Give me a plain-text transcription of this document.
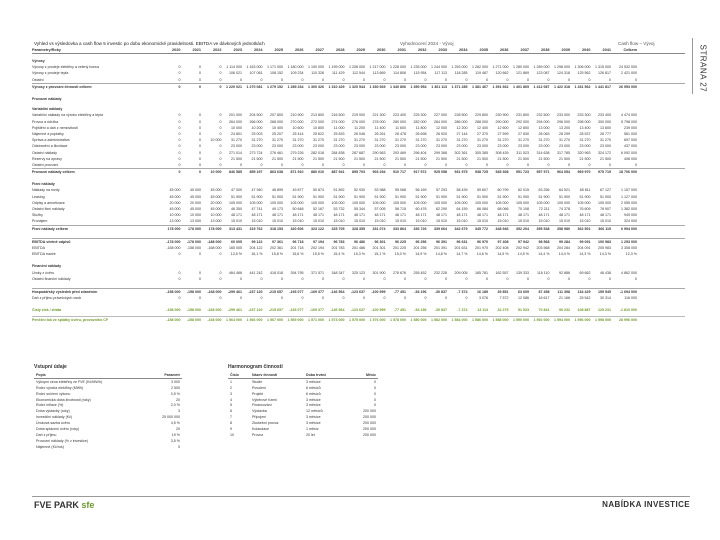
Vyhled vs výsledovka a cash flow 5 investic po dobu ekonomické pravidelnosti. EBITDA ve dávkových jednotkách	Vyhodnocení 2024 - Vývoj	Cash flow – Vývoj
STRANA 27
Parametry/Roky	2020	2021	2022	2023	2024	2025	2026	2027	2028	2029	2030	2031	2032	2033	2034	2035	2036	2037	2038	2039	2040	2041	Celkem
Výnosy
Výnosy z prodeje elektřiny a zelený bonus	0	0	0	1 114 000	1 163 000	1 171 000	1 180 000	1 190 000	1 199 000	1 208 000	1 217 000	1 226 000	1 235 000	1 244 000	1 253 000	1 262 000	1 271 000	1 280 000	1 289 000	1 298 000	1 306 000	1 315 000	24 532 000
Výnosy z prodeje tepla	0	0	0	106 021	107 081	108 152	109 234	110 326	111 429	112 544	113 669	114 806	115 954	117 113	118 285	119 467	120 662	121 869	123 087	124 318	125 562	126 817	2 421 000
Ostatní	0	0	0	0	0	0	0	0	0	0	0	0	0	0	0	0	0	0	0	0	0	0	0
Výnosy z provozní činnosti celkem	0	0	0	1 220 021	1 270 081	1 279 152	1 289 234	1 300 326	1 310 429	1 320 544	1 330 669	1 340 806	1 350 954	1 361 113	1 371 285	1 381 467	1 391 662	1 401 869	1 412 087	1 422 318	1 431 562	1 441 817	26 953 000
Provozní náklady
Variabilní náklady
Variabilní náklady na výrobu elektřiny a tepla	0	0	0	201 000	204 500	207 800	210 900	213 800	216 500	219 000	221 300	223 400	225 300	227 000	228 500	229 800	230 900	231 800	232 500	233 000	233 300	233 400	4 474 000
Provoz a údržba	0	0	0	264 000	266 000	268 000	270 000	272 000	274 000	276 000	278 000	280 000	282 000	284 000	286 000	288 000	290 000	292 000	294 000	296 000	298 000	300 000	5 798 000
Pojištění a daň z nemovitosti	0	0	0	10 000	10 200	10 400	10 600	10 800	11 000	11 200	11 400	11 600	11 800	12 000	12 200	12 400	12 600	12 800	13 000	13 200	13 400	13 600	239 000
Nájemné a poplatky	0	0	0	24 801	25 003	25 207	25 414	25 622	25 833	26 046	26 261	26 478	26 698	26 920	27 144	27 370	27 599	27 830	28 063	28 299	28 537	28 777	561 000
Správa a administrativa	0	0	10 000	31 270	31 270	31 270	31 270	31 270	31 270	31 270	31 270	31 270	31 270	31 270	31 270	31 270	31 270	31 270	31 270	31 270	31 270	31 270	697 000
Odstranění a likvidace	0	0	0	23 000	23 000	23 000	23 000	23 000	23 000	23 000	23 000	23 000	23 000	23 000	23 000	23 000	23 000	23 000	23 000	23 000	23 000	23 000	437 000
Ostatní náklady	0	0	0	271 014	273 724	276 461	279 226	282 018	284 838	287 687	290 563	293 469	296 404	299 368	302 361	305 385	308 439	311 523	314 638	317 785	320 963	324 172	6 092 000
Rezervy na opravy	0	0	0	21 500	21 500	21 500	21 500	21 500	21 500	21 500	21 500	21 500	21 500	21 500	21 500	21 500	21 500	21 500	21 500	21 500	21 500	21 500	408 000
Ostatní provozní	0	0	0	0	0	0	0	0	0	0	0	0	0	0	0	0	0	0	0	0	0	0	0
Provozní náklady celkem	0	0	10 000	846 585	855 197	863 638	871 910	880 010	887 941	895 703	903 294	910 717	917 972	925 058	931 975	938 725	945 308	951 723	957 971	964 054	969 970	975 719	18 706 000
Fixní náklady
Náklady na mzdy	45 000	45 000	45 000	47 000	47 940	48 899	49 877	50 874	51 892	52 930	53 988	55 068	56 169	57 293	58 439	59 607	60 799	62 015	63 256	64 521	65 811	67 127	1 157 000
Leasing	45 000	45 000	45 000	51 900	51 900	51 900	51 900	51 900	51 900	51 900	51 900	51 900	51 900	51 900	51 900	51 900	51 900	51 900	51 900	51 900	51 900	51 900	1 127 000
Odpisy a amortizace	20 000	20 000	20 000	105 000	105 000	105 000	105 000	105 000	105 000	105 000	105 000	105 000	105 000	105 000	105 000	105 000	105 000	105 000	105 000	105 000	105 000	105 000	2 055 000
Ostatní fixní náklady	45 000	45 000	45 000	46 350	47 741	49 173	50 648	52 167	53 732	55 344	57 005	58 715	60 476	62 290	64 159	66 084	68 066	70 108	72 211	74 378	76 609	78 907	1 382 000
Služby	10 000	10 000	10 000	48 171	48 171	48 171	48 171	48 171	48 171	48 171	48 171	48 171	48 171	48 171	48 171	48 171	48 171	48 171	48 171	48 171	48 171	48 171	949 000
Pronájem	13 000	13 000	13 000	15 010	15 010	15 010	15 010	15 010	15 010	15 010	15 010	15 010	15 010	15 010	15 010	15 010	15 010	15 010	15 010	15 010	15 010	15 010	324 000
Fixní náklady celkem	178 000	178 000	178 000	313 431	315 762	318 153	320 606	323 122	325 705	328 355	331 074	333 864	336 726	339 664	342 679	345 772	348 946	352 204	355 548	358 980	362 501	366 115	6 994 000
EBITDA včetně odpisů	-178 000	-178 000	-188 000	60 005	99 122	97 361	96 718	97 194	96 783	96 486	96 301	96 225	96 256	96 391	96 631	96 970	97 408	97 942	98 568	99 284	99 091	100 983	1 253 000
EBITDA	-158 000	-158 000	-168 000	165 005	204 122	202 361	201 718	202 194	201 783	201 486	201 301	201 225	201 256	201 391	201 631	201 970	202 408	202 942	203 568	204 284	204 091	205 983	3 308 000
EBITDA marže	0	0	0	13,5 %	16,1 %	15,8 %	15,6 %	15,5 %	15,4 %	15,3 %	15,1 %	15,0 %	14,9 %	14,8 %	14,7 %	14,6 %	14,5 %	14,5 %	14,4 %	14,4 %	14,3 %	14,3 %	12,3 %
Finanční náklady
Úroky z úvěru	0	0	0	464 466	441 242	418 018	394 795	371 571	348 347	325 123	301 900	278 676	255 452	232 228	209 005	185 781	162 557	139 333	116 110	92 886	69 662	46 438	4 862 000
Ostatní finanční náklady	0	0	0	0	0	0	0	0	0	0	0	0	0	0	0	0	0	0	0	0	0	0	0
Hospodářský výsledek před zdaněním	-158 000	-158 000	-168 000	-299 461	-237 120	-215 657	-193 077	-169 377	-146 564	-123 637	-100 599	-77 451	-54 196	-30 837	-7 374	16 189	39 851	63 609	87 458	111 398	134 429	159 545	-1 694 000
Daň z příjmu právnických osob	0	0	0	0	0	0	0	0	0	0	0	0	0	0	0	3 076	7 572	12 086	16 617	21 166	25 542	30 314	116 000
Čistý zisk / ztráta	-158 000	-158 000	-168 000	-299 461	-237 120	-215 657	-193 077	-169 377	-146 564	-123 637	-100 599	-77 451	-54 196	-30 837	-7 374	13 113	32 279	51 523	70 841	90 232	108 887	129 231	-1 810 000
Peněžní tok ze splátky úvěru, provozního CF	-158 000	-158 000	-168 000	1 564 000	1 566 000	1 567 000	1 569 000	1 571 000	1 573 000	1 575 000	1 576 000	1 578 000	1 580 000	1 582 000	1 584 000	1 586 000	1 588 000	1 590 000	1 592 000	1 594 000	1 596 000	1 598 000	28 996 000
Vstupní údaje
Popis	Parametr
Výkupní cena elektřiny ze FVE (Kč/MWh)	3 000
Roční výroba elektřiny (MWh)	2 500
Roční snížení výkonu	0,5 %
Ekonomická doba životnosti (roky)	20
Roční inflace (%)	2,0 %
Doba výstavby (roky)	3
Investiční náklady (Kč)	25 000 000
Úroková sazba úvěru	4,5 %
Doba splácení úvěru (roky)	20
Daň z příjmu	19 %
Provozní náklady (% z investice)	3,5 %
Nájemné (Kč/rok)	0
Harmonogram činností
Číslo	Název činnosti	Doba trvání	Měsíc
1	Studie	3 měsíce	0
2	Povolení	6 měsíců	0
3	Projekt	6 měsíců	0
4	Výběrové řízení	3 měsíce	0
5	Financování	3 měsíce	0
6	Výstavba	12 měsíců	200 000
7	Připojení	3 měsíce	200 000
8	Zkušební provoz	3 měsíce	200 000
9	Kolaudace	1 měsíc	200 000
10	Provoz	20 let	200 000
FVE PARK sfe	NABÍDKA INVESTICE
